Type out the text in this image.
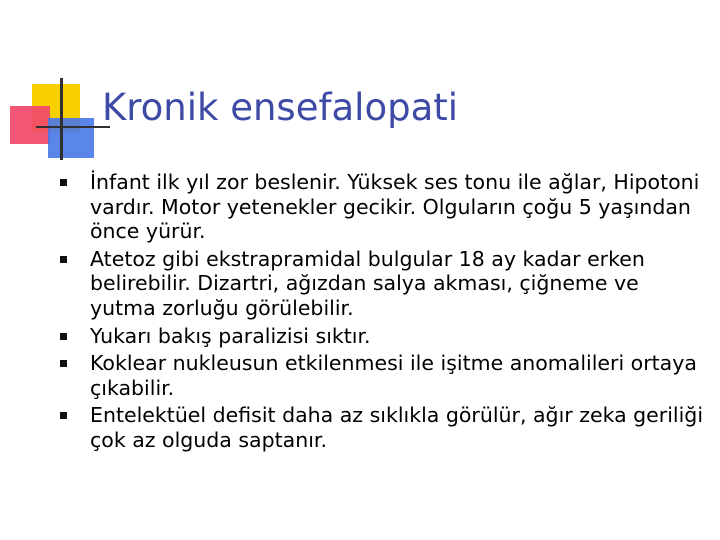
Kronik ensefalopati
İnfant ilk yıl zor beslenir. Yüksek ses tonu ile ağlar, Hipotoni vardır. Motor yetenekler gecikir. Olguların çoğu 5 yaşından önce yürür.
Atetoz gibi ekstrapramidal bulgular 18 ay kadar erken belirebilir. Dizartri, ağızdan salya akması, çiğneme ve yutma zorluğu görülebilir.
Yukarı bakış paralizisi sıktır.
Koklear nukleusun etkilenmesi ile işitme anomalileri ortaya çıkabilir.
Entelektüel defisit daha az sıklıkla görülür, ağır zeka geriliği çok az olguda saptanır.
